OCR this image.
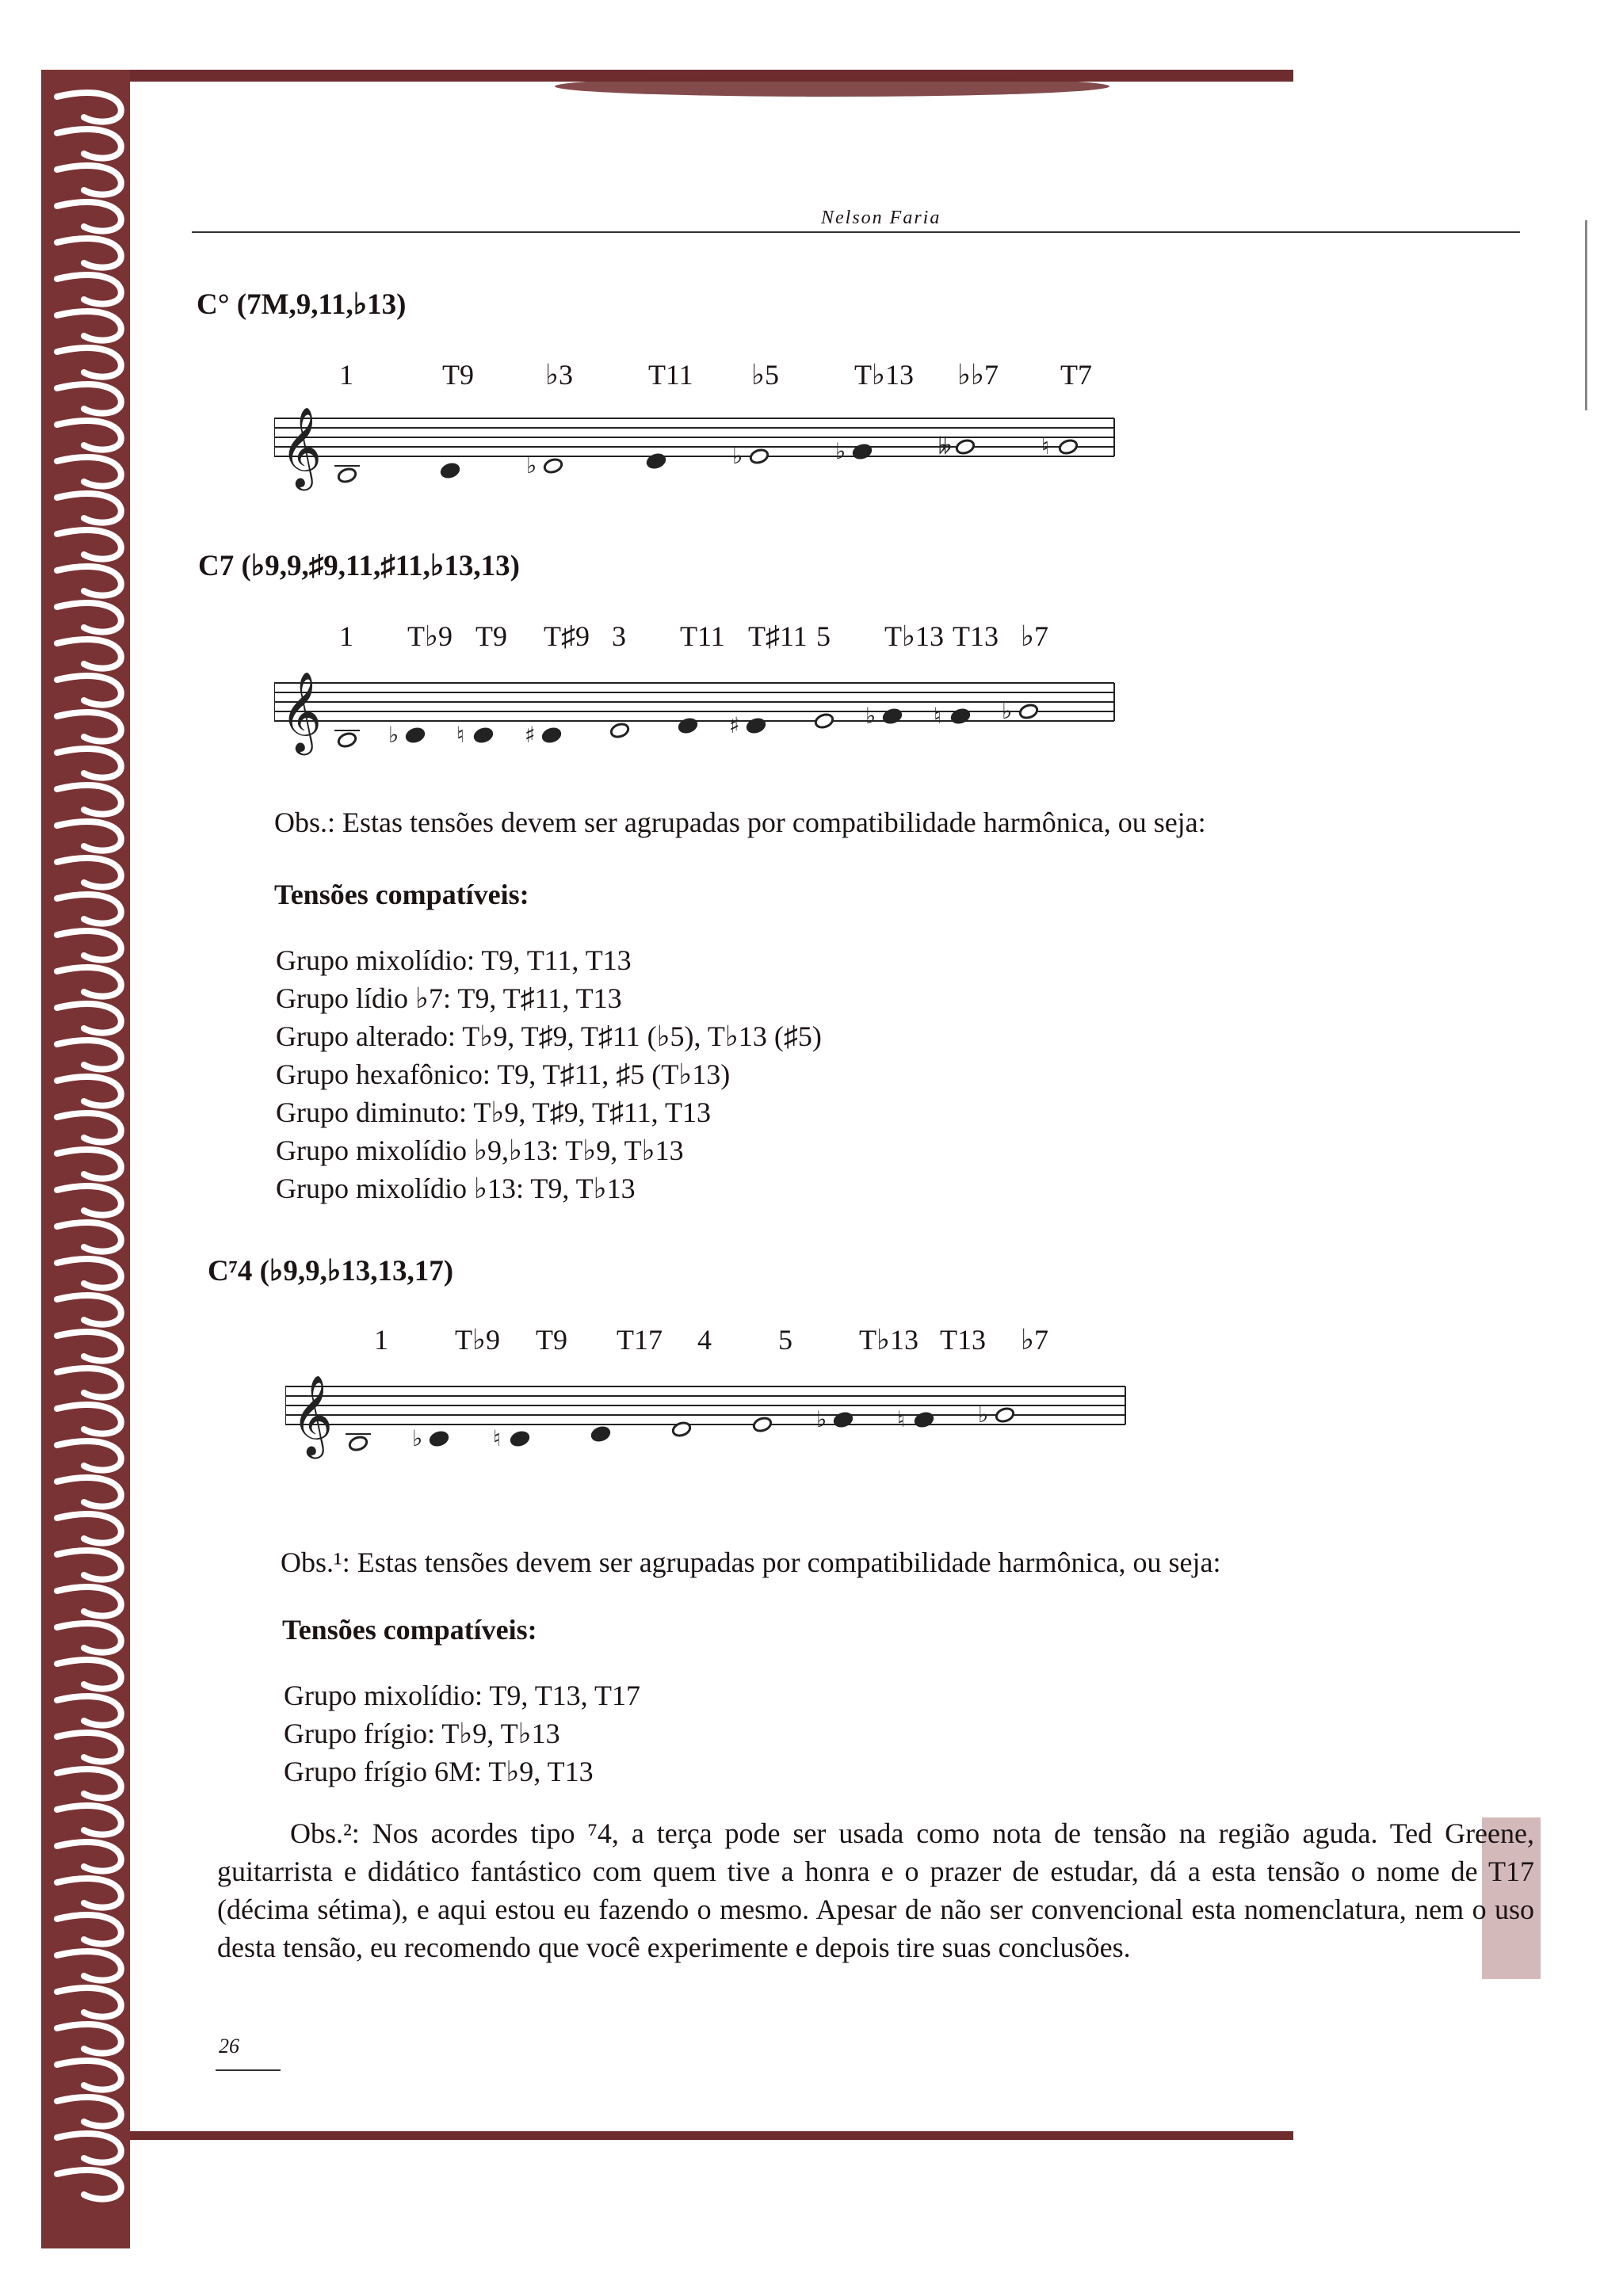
Nelson Faria
C° (7M,9,11,♭13)
1	T9	♭3	T11 ♭5	T♭13 ♭♭7 T7
𝄞	♭	♭	♭	𝄫	♮
C7 (♭9,9,♯9,11,♯11,♭13,13)
1 T♭9 T9 T♯9 3 T11 T♯11 5 T♭13 T13 ♭7
𝄞	♭	♮	♯	♯	♭	♮	♭
Obs.: Estas tensões devem ser agrupadas por compatibilidade harmônica, ou seja:
Tensões compatíveis:
Grupo mixolídio: T9, T11, T13
Grupo lídio ♭7: T9, T♯11, T13
Grupo alterado: T♭9, T♯9, T♯11 (♭5), T♭13 (♯5)
Grupo hexafônico: T9, T♯11, ♯5 (T♭13)
Grupo diminuto: T♭9, T♯9, T♯11, T13
Grupo mixolídio ♭9,♭13: T♭9, T♭13
Grupo mixolídio ♭13: T9, T♭13
C⁷4 (♭9,9,♭13,13,17)
1 T♭9 T9 T17 4 5 T♭13 T13 ♭7
𝄞	♭	♮
♭	♮	♭
Obs.¹: Estas tensões devem ser agrupadas por compatibilidade harmônica, ou seja:
Tensões compatíveis:
Grupo mixolídio: T9, T13, T17
Grupo frígio: T♭9, T♭13
Grupo frígio 6M: T♭9, T13

Obs.²: Nos acordes tipo ⁷4, a terça pode ser usada como nota de tensão na região aguda. Ted Greene, guitarrista e didático fantástico com quem tive a honra e o prazer de estudar, dá a esta tensão o nome de T17 (décima sétima), e aqui estou eu fazendo o mesmo. Apesar de não ser convencional esta nomenclatura, nem o uso desta tensão, eu recomendo que você experimente e depois tire suas conclusões.

26
